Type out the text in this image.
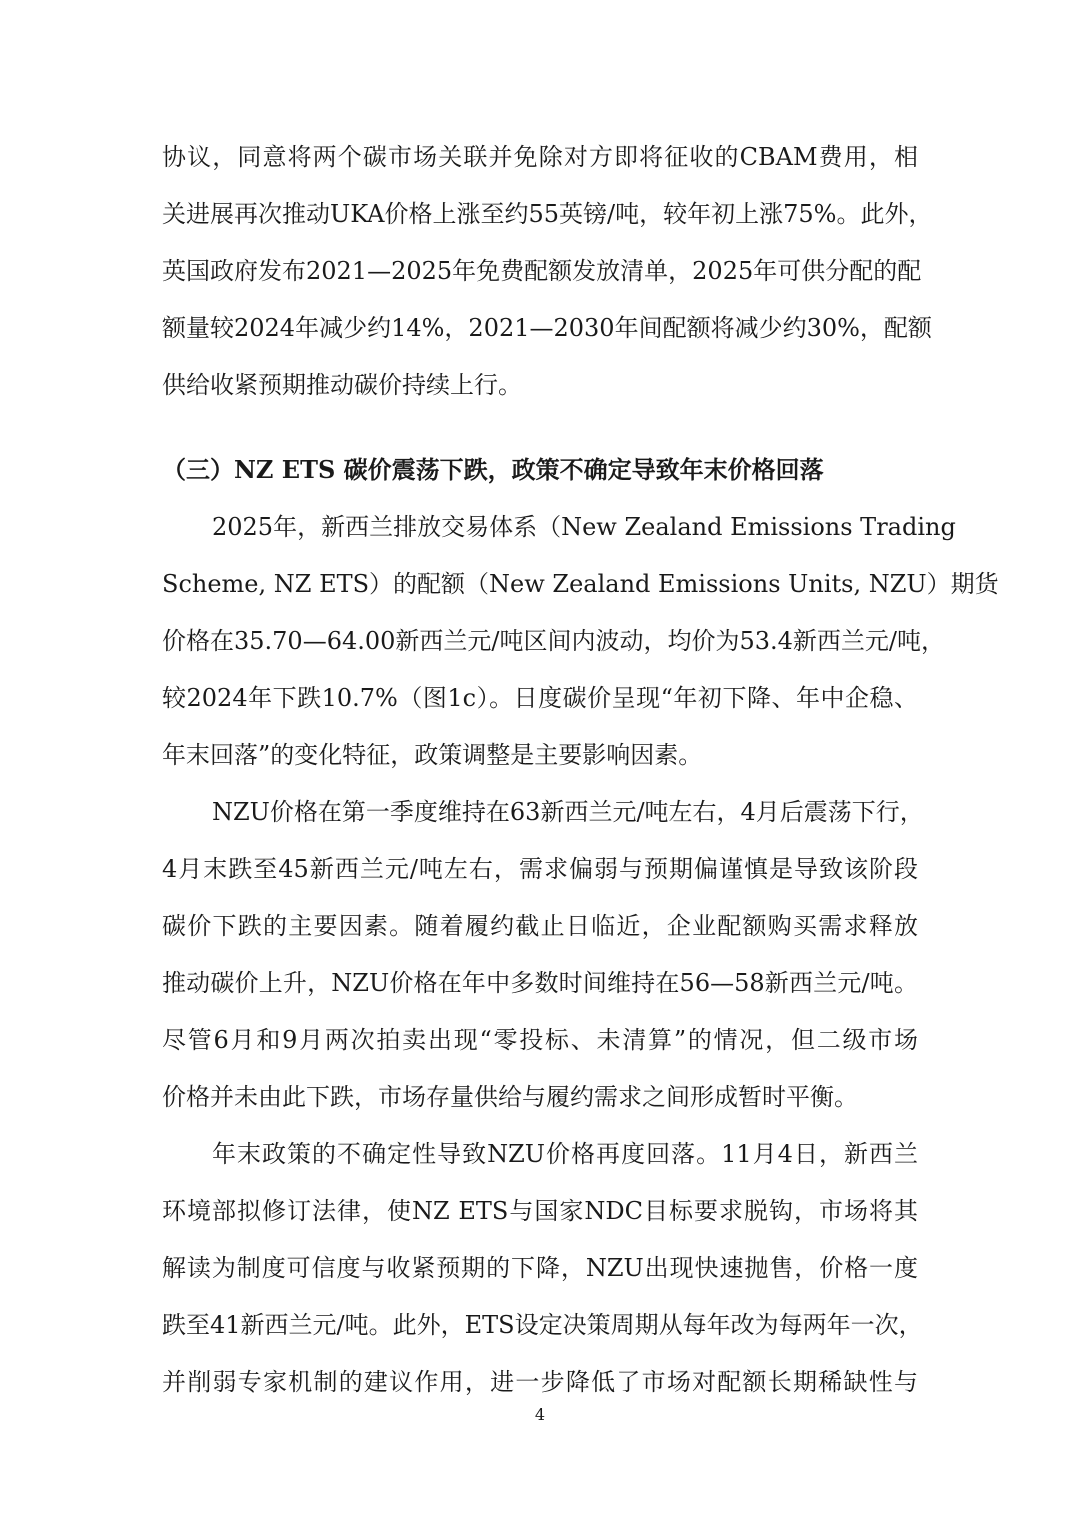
协议，同意将两个碳市场关联并免除对方即将征收的CBAM费用，相
关进展再次推动UKA价格上涨至约55英镑/吨，较年初上涨75%。此外，
英国政府发布2021—2025年免费配额发放清单，2025年可供分配的配
额量较2024年减少约14%，2021—2030年间配额将减少约30%，配额
供给收紧预期推动碳价持续上行。
（三）NZ ETS 碳价震荡下跌，政策不确定导致年末价格回落
2025年，新西兰排放交易体系（New Zealand Emissions Trading
Scheme, NZ ETS）的配额（New Zealand Emissions Units, NZU）期货
价格在35.70—64.00新西兰元/吨区间内波动，均价为53.4新西兰元/吨，
较2024年下跌10.7%（图1c）。日度碳价呈现“年初下降、年中企稳、
年末回落”的变化特征，政策调整是主要影响因素。
NZU价格在第一季度维持在63新西兰元/吨左右，4月后震荡下行，
4月末跌至45新西兰元/吨左右，需求偏弱与预期偏谨慎是导致该阶段
碳价下跌的主要因素。随着履约截止日临近，企业配额购买需求释放
推动碳价上升，NZU价格在年中多数时间维持在56—58新西兰元/吨。
尽管6月和9月两次拍卖出现“零投标、未清算”的情况，但二级市场
价格并未由此下跌，市场存量供给与履约需求之间形成暂时平衡。
年末政策的不确定性导致NZU价格再度回落。11月4日，新西兰
环境部拟修订法律，使NZ ETS与国家NDC目标要求脱钩，市场将其
解读为制度可信度与收紧预期的下降，NZU出现快速抛售，价格一度
跌至41新西兰元/吨。此外，ETS设定决策周期从每年改为每两年一次，
并削弱专家机制的建议作用，进一步降低了市场对配额长期稀缺性与
4
